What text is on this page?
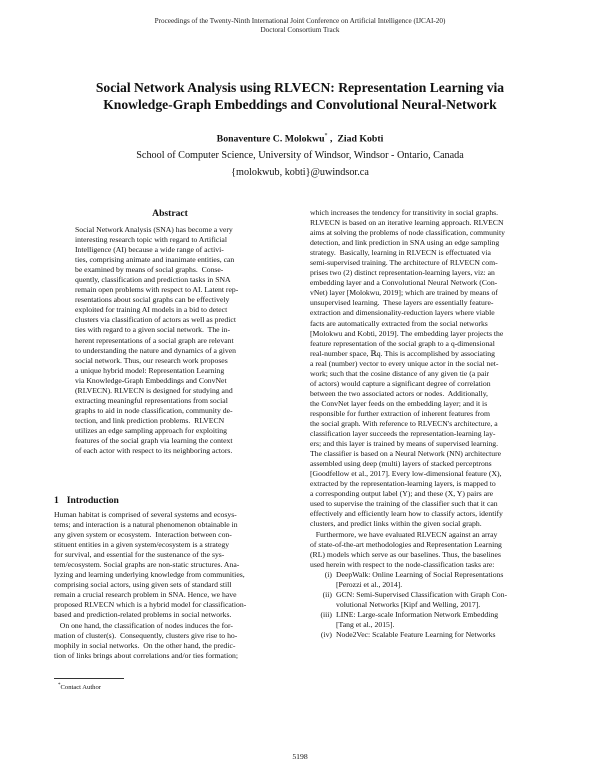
Proceedings of the Twenty-Ninth International Joint Conference on Artificial Intelligence (IJCAI-20)
Doctoral Consortium Track
Social Network Analysis using RLVECN: Representation Learning via
Knowledge-Graph Embeddings and Convolutional Neural-Network
Bonaventure C. Molokwu* ,  Ziad Kobti
School of Computer Science, University of Windsor, Windsor - Ontario, Canada
{molokwub, kobti}@uwindsor.ca
Abstract
Social Network Analysis (SNA) has become a very
interesting research topic with regard to Artificial
Intelligence (AI) because a wide range of activi-
ties, comprising animate and inanimate entities, can
be examined by means of social graphs.  Conse-
quently, classification and prediction tasks in SNA
remain open problems with respect to AI. Latent rep-
resentations about social graphs can be effectively
exploited for training AI models in a bid to detect
clusters via classification of actors as well as predict
ties with regard to a given social network.  The in-
herent representations of a social graph are relevant
to understanding the nature and dynamics of a given
social network. Thus, our research work proposes
a unique hybrid model: Representation Learning
via Knowledge-Graph Embeddings and ConvNet
(RLVECN). RLVECN is designed for studying and
extracting meaningful representations from social
graphs to aid in node classification, community de-
tection, and link prediction problems.  RLVECN
utilizes an edge sampling approach for exploiting
features of the social graph via learning the context
of each actor with respect to its neighboring actors.
1 Introduction
Human habitat is comprised of several systems and ecosys-
tems; and interaction is a natural phenomenon obtainable in
any given system or ecosystem.  Interaction between con-
stituent entities in a given system/ecosystem is a strategy
for survival, and essential for the sustenance of the sys-
tem/ecosystem. Social graphs are non-static structures. Ana-
lyzing and learning underlying knowledge from communities,
comprising social actors, using given sets of standard still
remain a crucial research problem in SNA. Hence, we have
proposed RLVECN which is a hybrid model for classification-
based and prediction-related problems in social networks.
On one hand, the classification of nodes induces the for-
mation of cluster(s).  Consequently, clusters give rise to ho-
mophily in social networks.  On the other hand, the predic-
tion of links brings about correlations and/or ties formation;
*Contact Author
which increases the tendency for transitivity in social graphs.
RLVECN is based on an iterative learning approach. RLVECN
aims at solving the problems of node classification, community
detection, and link prediction in SNA using an edge sampling
strategy.  Basically, learning in RLVECN is effectuated via
semi-supervised training. The architecture of RLVECN com-
prises two (2) distinct representation-learning layers, viz: an
embedding layer and a Convolutional Neural Network (Con-
vNet) layer [Molokwu, 2019]; which are trained by means of
unsupervised learning.  These layers are essentially feature-
extraction and dimensionality-reduction layers where viable
facts are automatically extracted from the social networks
[Molokwu and Kobti, 2019]. The embedding layer projects the
feature representation of the social graph to a q-dimensional
real-number space, ℝq. This is accomplished by associating
a real (number) vector to every unique actor in the social net-
work; such that the cosine distance of any given tie (a pair
of actors) would capture a significant degree of correlation
between the two associated actors or nodes.  Additionally,
the ConvNet layer feeds on the embedding layer; and it is
responsible for further extraction of inherent features from
the social graph. With reference to RLVECN's architecture, a
classification layer succeeds the representation-learning lay-
ers; and this layer is trained by means of supervised learning.
The classifier is based on a Neural Network (NN) architecture
assembled using deep (multi) layers of stacked perceptrons
[Goodfellow et al., 2017]. Every low-dimensional feature (X),
extracted by the representation-learning layers, is mapped to
a corresponding output label (Y); and these (X, Y) pairs are
used to supervise the training of the classifier such that it can
effectively and efficiently learn how to classify actors, identify
clusters, and predict links within the given social graph.
Furthermore, we have evaluated RLVECN against an array
of state-of-the-art methodologies and Representation Learning
(RL) models which serve as our baselines. Thus, the baselines
used herein with respect to the node-classification tasks are:
(i) DeepWalk: Online Learning of Social Representations
[Perozzi et al., 2014].
(ii) GCN: Semi-Supervised Classification with Graph Con-
volutional Networks [Kipf and Welling, 2017].
(iii) LINE: Large-scale Information Network Embedding
[Tang et al., 2015].
(iv) Node2Vec: Scalable Feature Learning for Networks
5198
